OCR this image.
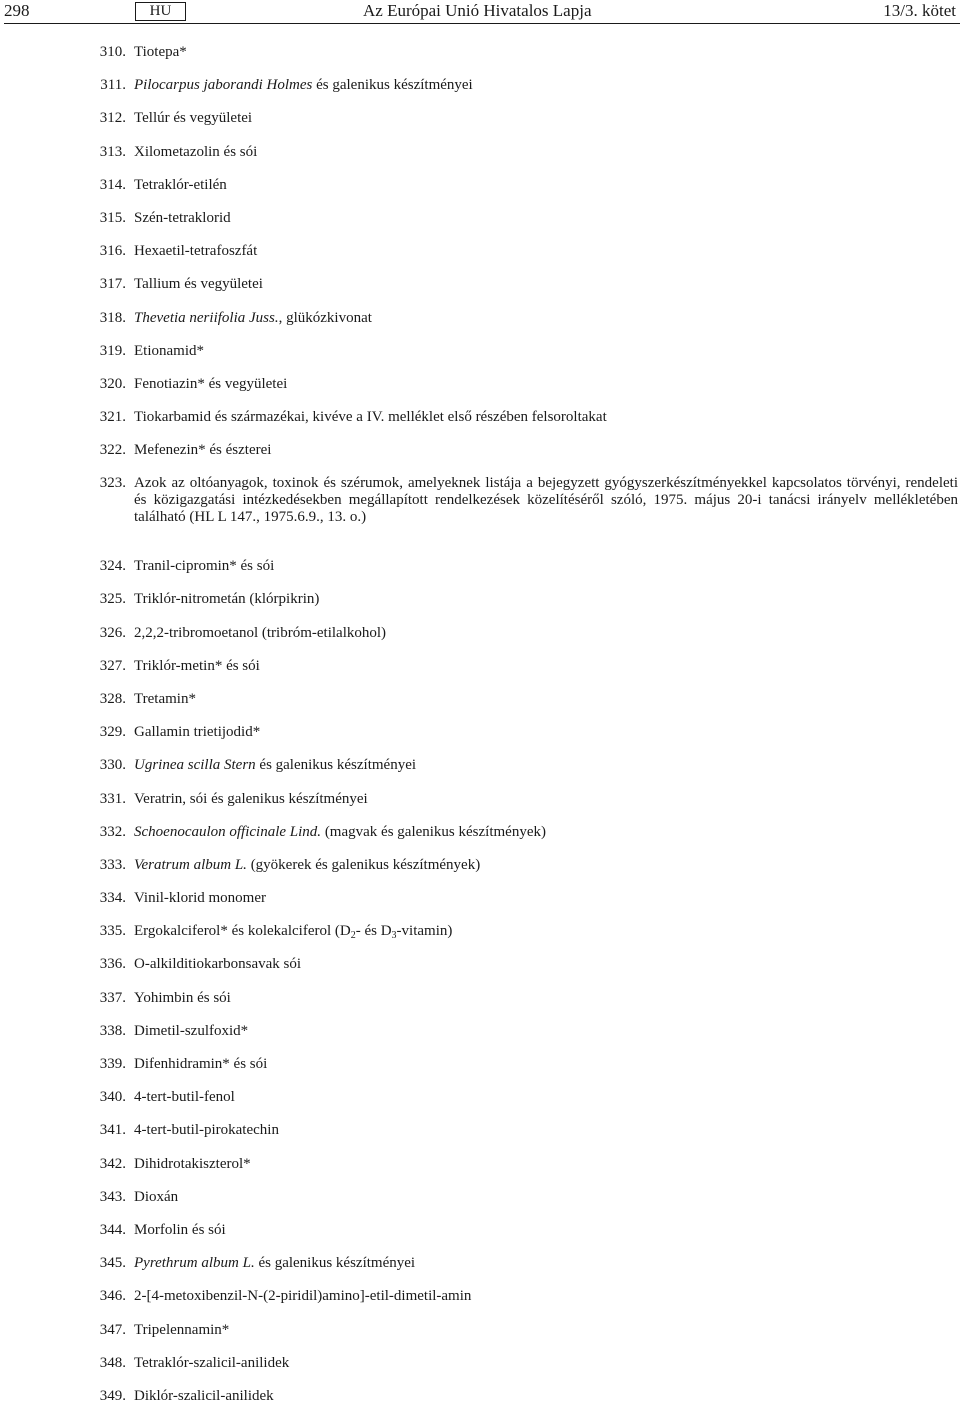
298	HU	Az Európai Unió Hivatalos Lapja	13/3. kötet
310. Tiotepa*
311. Pilocarpus jaborandi Holmes és galenikus készítményei
312. Tellúr és vegyületei
313. Xilometazolin és sói
314. Tetraklór-etilén
315. Szén-tetraklorid
316. Hexaetil-tetrafoszfát
317. Tallium és vegyületei
318. Thevetia neriifolia Juss., glükózkivonat
319. Etionamid*
320. Fenotiazin* és vegyületei
321. Tiokarbamid és származékai, kivéve a IV. melléklet első részében felsoroltakat
322. Mefenezin* és észterei
323. Azok az oltóanyagok, toxinok és szérumok, amelyeknek listája a bejegyzett gyógyszerkészítményekkel kapcsolatos törvényi, rendeleti és közigazgatási intézkedésekben megállapított rendelkezések közelítéséről szóló, 1975. május 20-i tanácsi irányelv mellékletében található (HL L 147., 1975.6.9., 13. o.)
324. Tranil-cipromin* és sói
325. Triklór-nitrometán (klórpikrin)
326. 2,2,2-tribromoetanol (tribróm-etilalkohol)
327. Triklór-metin* és sói
328. Tretamin*
329. Gallamin trietijodid*
330. Ugrinea scilla Stern és galenikus készítményei
331. Veratrin, sói és galenikus készítményei
332. Schoenocaulon officinale Lind. (magvak és galenikus készítmények)
333. Veratrum album L. (gyökerek és galenikus készítmények)
334. Vinil-klorid monomer
335. Ergokalciferol* és kolekalciferol ($D_2-$ és $D_3-vitamin$)
336. O-alkilditiokarbonsavak sói
337. Yohimbin és sói
338. Dimetil-szulfoxid*
339. Difenhidramin* és sói
340. 4-tert-butil-fenol
341. 4-tert-butil-pirokatechin
342. Dihidrotakiszterol*
343. Dioxán
344. Morfolin és sói
345. Pyrethrum album L. és galenikus készítményei
346. 2-[4-metoxibenzil-N-(2-piridil)amino]-etil-dimetil-amin
347. Tripelennamin*
348. Tetraklór-szalicil-anilidek
349. Diklór-szalicil-anilidek
